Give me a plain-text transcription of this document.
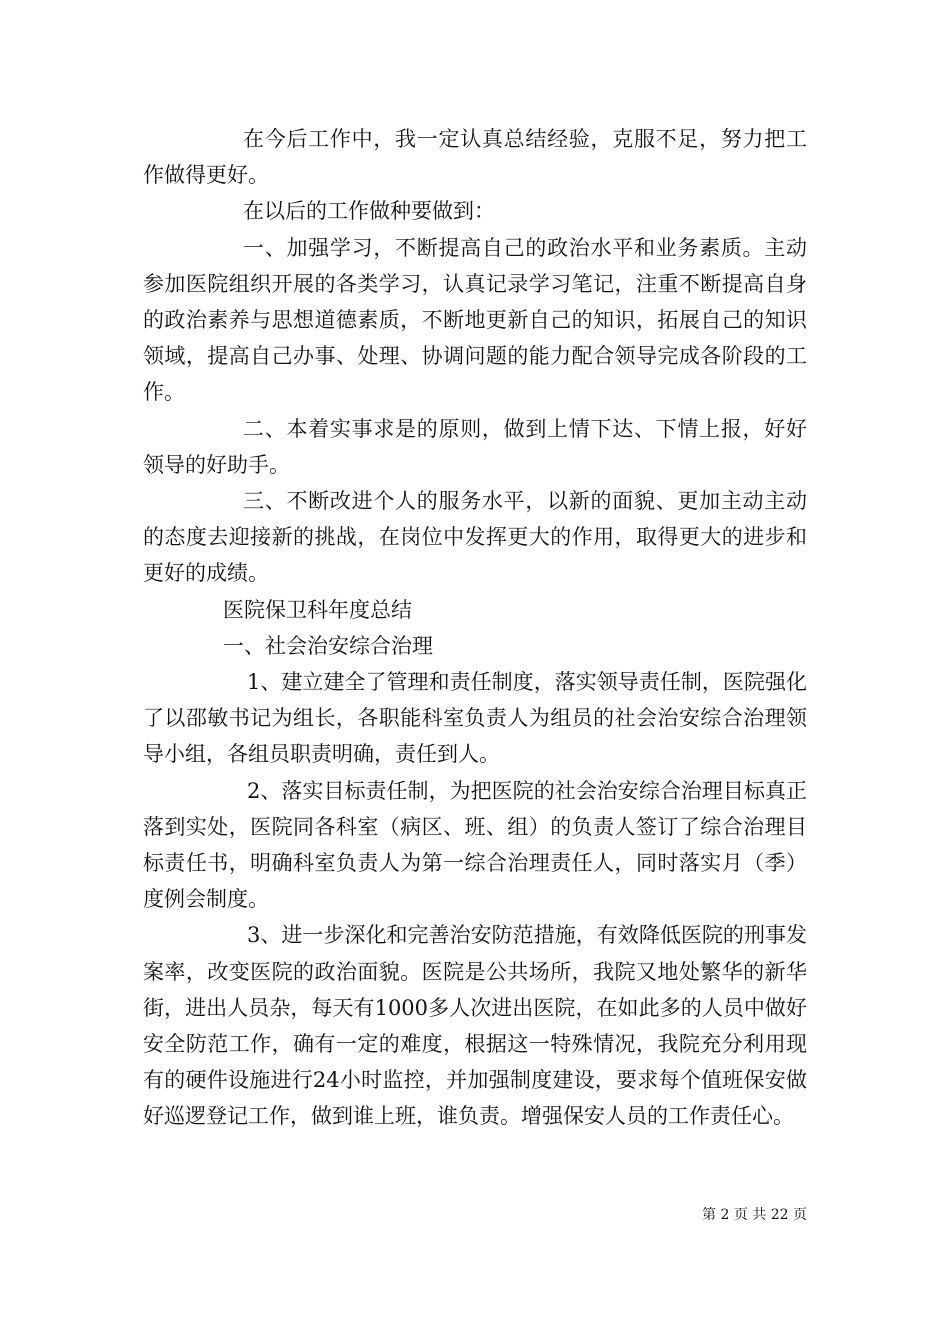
在今后工作中，我一定认真总结经验，克服不足，努力把工作做得更好。

在以后的工作做种要做到：

一、加强学习，不断提高自己的政治水平和业务素质。主动参加医院组织开展的各类学习，认真记录学习笔记，注重不断提高自身的政治素养与思想道德素质，不断地更新自己的知识，拓展自己的知识领域，提高自己办事、处理、协调问题的能力配合领导完成各阶段的工作。

二、本着实事求是的原则，做到上情下达、下情上报，好好领导的好助手。

三、不断改进个人的服务水平，以新的面貌、更加主动主动的态度去迎接新的挑战，在岗位中发挥更大的作用，取得更大的进步和更好的成绩。

医院保卫科年度总结

一、社会治安综合治理

1、建立建全了管理和责任制度，落实领导责任制，医院强化了以邵敏书记为组长，各职能科室负责人为组员的社会治安综合治理领导小组，各组员职责明确，责任到人。

2、落实目标责任制，为把医院的社会治安综合治理目标真正落到实处，医院同各科室（病区、班、组）的负责人签订了综合治理目标责任书，明确科室负责人为第一综合治理责任人，同时落实月（季）度例会制度。

3、进一步深化和完善治安防范措施，有效降低医院的刑事发案率，改变医院的政治面貌。医院是公共场所，我院又地处繁华的新华街，进出人员杂，每天有1000多人次进出医院，在如此多的人员中做好安全防范工作，确有一定的难度，根据这一特殊情况，我院充分利用现有的硬件设施进行24小时监控，并加强制度建设，要求每个值班保安做好巡逻登记工作，做到谁上班，谁负责。增强保安人员的工作责任心。

第 2 页 共 22 页
